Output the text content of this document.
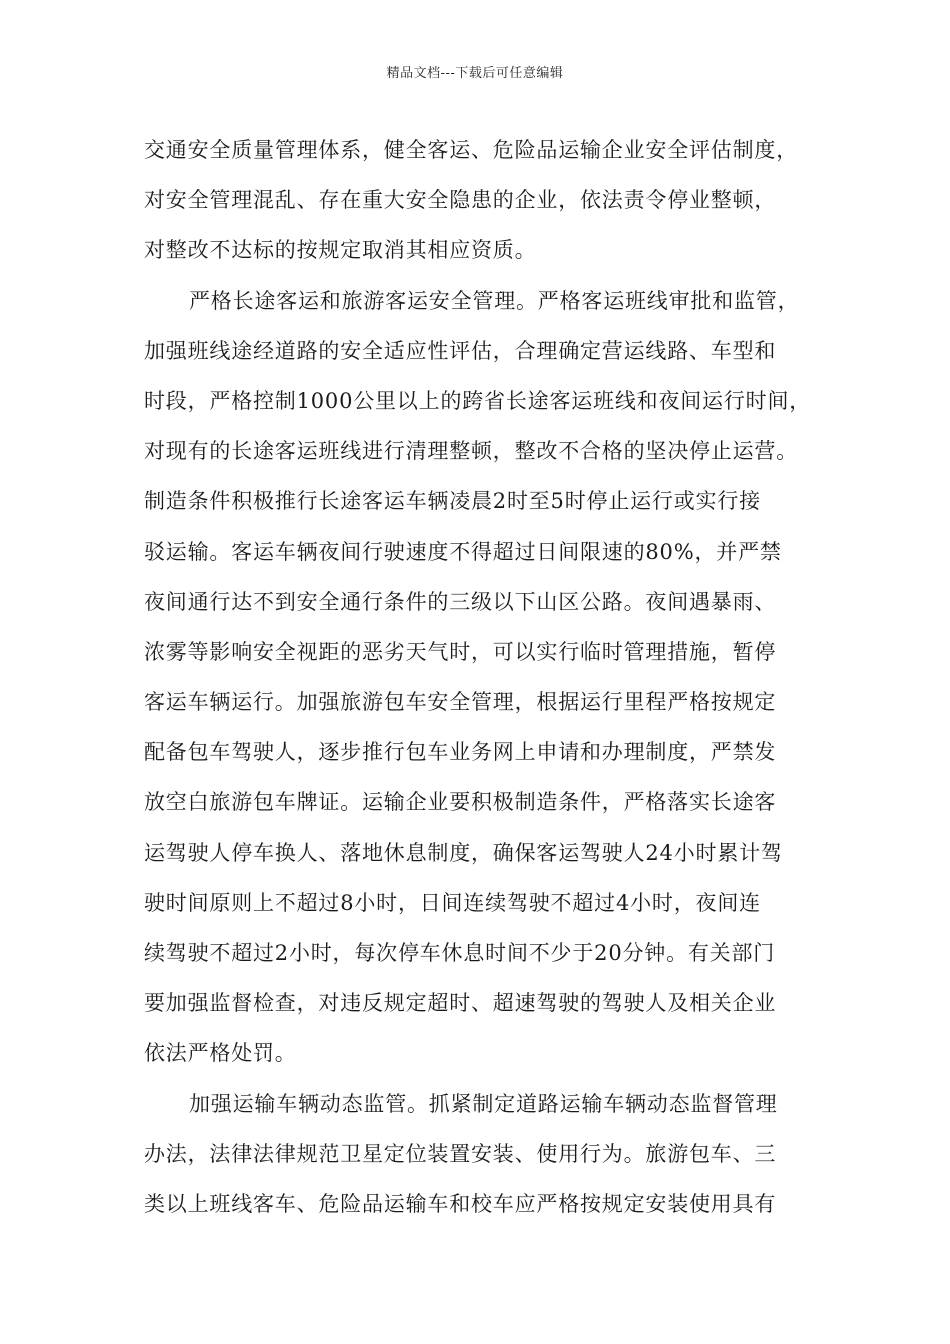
精品文档---下载后可任意编辑
交通安全质量管理体系，健全客运、危险品运输企业安全评估制度，
对安全管理混乱、存在重大安全隐患的企业，依法责令停业整顿，
对整改不达标的按规定取消其相应资质。
严格长途客运和旅游客运安全管理。严格客运班线审批和监管，
加强班线途经道路的安全适应性评估，合理确定营运线路、车型和
时段，严格控制1000公里以上的跨省长途客运班线和夜间运行时间，
对现有的长途客运班线进行清理整顿，整改不合格的坚决停止运营。
制造条件积极推行长途客运车辆凌晨2时至5时停止运行或实行接
驳运输。客运车辆夜间行驶速度不得超过日间限速的80%，并严禁
夜间通行达不到安全通行条件的三级以下山区公路。夜间遇暴雨、
浓雾等影响安全视距的恶劣天气时，可以实行临时管理措施，暂停
客运车辆运行。加强旅游包车安全管理，根据运行里程严格按规定
配备包车驾驶人，逐步推行包车业务网上申请和办理制度，严禁发
放空白旅游包车牌证。运输企业要积极制造条件，严格落实长途客
运驾驶人停车换人、落地休息制度，确保客运驾驶人24小时累计驾
驶时间原则上不超过8小时，日间连续驾驶不超过4小时，夜间连
续驾驶不超过2小时，每次停车休息时间不少于20分钟。有关部门
要加强监督检查，对违反规定超时、超速驾驶的驾驶人及相关企业
依法严格处罚。
加强运输车辆动态监管。抓紧制定道路运输车辆动态监督管理
办法，法律法律规范卫星定位装置安装、使用行为。旅游包车、三
类以上班线客车、危险品运输车和校车应严格按规定安装使用具有
